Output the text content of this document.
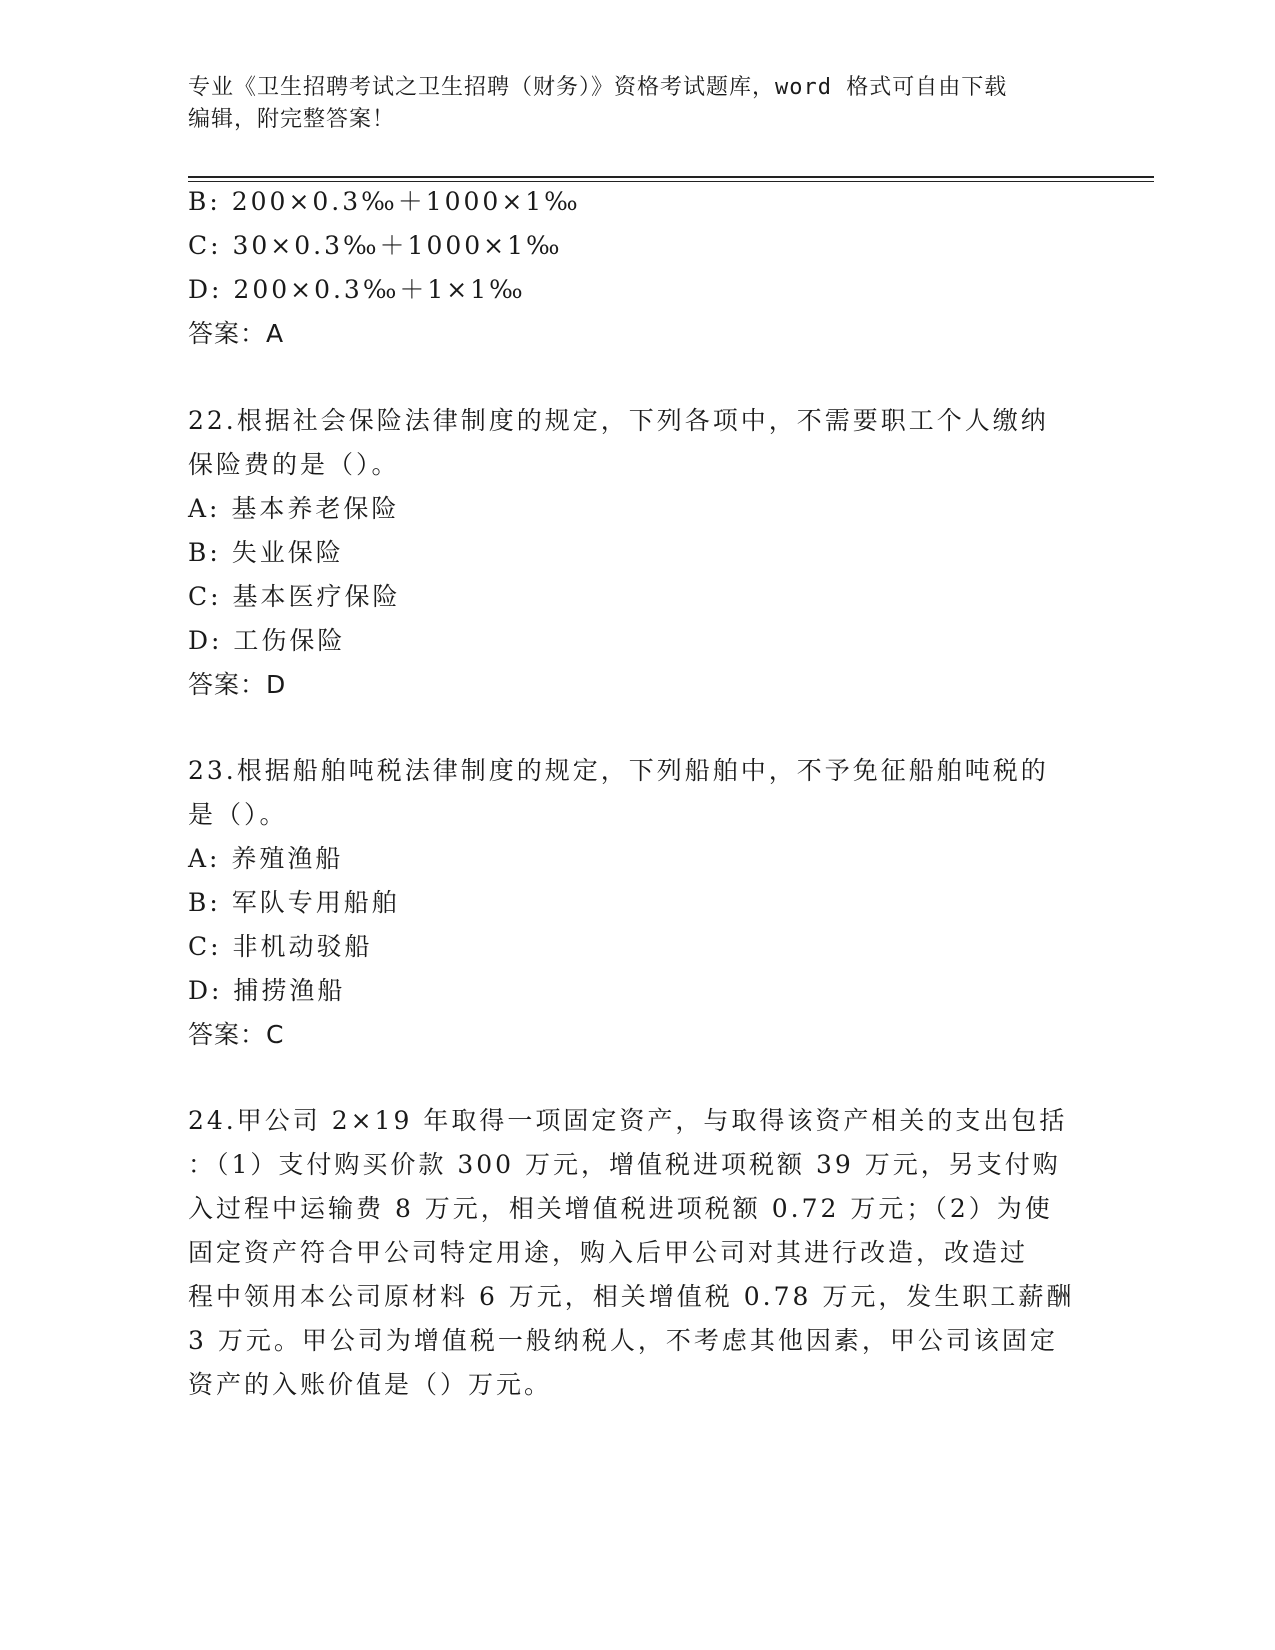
专业《卫生招聘考试之卫生招聘（财务）》资格考试题库，word 格式可自由下载
编辑，附完整答案！
B: 200×0.3‰＋1000×1‰
C: 30×0.3‰＋1000×1‰
D: 200×0.3‰＋1×1‰
答案：A
22.根据社会保险法律制度的规定，下列各项中，不需要职工个人缴纳
保险费的是（）。
A: 基本养老保险
B: 失业保险
C: 基本医疗保险
D: 工伤保险
答案：D
23.根据船舶吨税法律制度的规定，下列船舶中，不予免征船舶吨税的
是（）。
A: 养殖渔船
B: 军队专用船舶
C: 非机动驳船
D: 捕捞渔船
答案：C
24.甲公司 2×19 年取得一项固定资产，与取得该资产相关的支出包括
：（1）支付购买价款 300 万元，增值税进项税额 39 万元，另支付购
入过程中运输费 8 万元，相关增值税进项税额 0.72 万元；（2）为使
固定资产符合甲公司特定用途，购入后甲公司对其进行改造，改造过
程中领用本公司原材料 6 万元，相关增值税 0.78 万元，发生职工薪酬
3 万元。甲公司为增值税一般纳税人，不考虑其他因素，甲公司该固定
资产的入账价值是（）万元。
